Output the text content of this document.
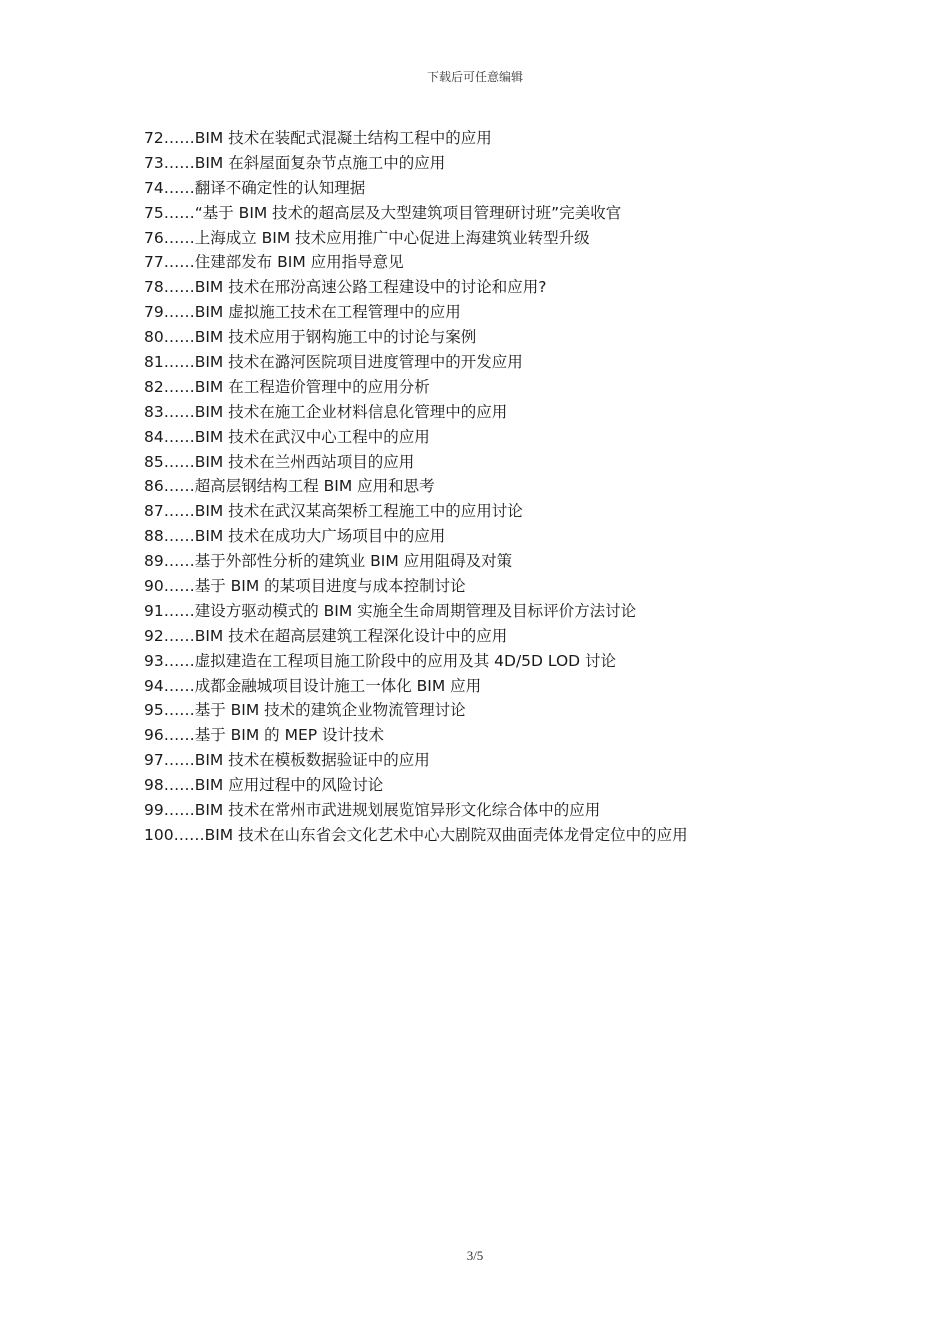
下载后可任意编辑
72……BIM 技术在装配式混凝土结构工程中的应用
73……BIM 在斜屋面复杂节点施工中的应用
74……翻译不确定性的认知理据
75……“基于 BIM 技术的超高层及大型建筑项目管理研讨班”完美收官
76……上海成立 BIM 技术应用推广中心促进上海建筑业转型升级
77……住建部发布 BIM 应用指导意见
78……BIM 技术在邢汾高速公路工程建设中的讨论和应用?
79……BIM 虚拟施工技术在工程管理中的应用
80……BIM 技术应用于钢构施工中的讨论与案例
81……BIM 技术在潞河医院项目进度管理中的开发应用
82……BIM 在工程造价管理中的应用分析
83……BIM 技术在施工企业材料信息化管理中的应用
84……BIM 技术在武汉中心工程中的应用
85……BIM 技术在兰州西站项目的应用
86……超高层钢结构工程 BIM 应用和思考
87……BIM 技术在武汉某高架桥工程施工中的应用讨论
88……BIM 技术在成功大广场项目中的应用
89……基于外部性分析的建筑业 BIM 应用阻碍及对策
90……基于 BIM 的某项目进度与成本控制讨论
91……建设方驱动模式的 BIM 实施全生命周期管理及目标评价方法讨论
92……BIM 技术在超高层建筑工程深化设计中的应用
93……虚拟建造在工程项目施工阶段中的应用及其 4D/5D LOD 讨论
94……成都金融城项目设计施工一体化 BIM 应用
95……基于 BIM 技术的建筑企业物流管理讨论
96……基于 BIM 的 MEP 设计技术
97……BIM 技术在模板数据验证中的应用
98……BIM 应用过程中的风险讨论
99……BIM 技术在常州市武进规划展览馆异形文化综合体中的应用
100……BIM 技术在山东省会文化艺术中心大剧院双曲面壳体龙骨定位中的应用
3/5
